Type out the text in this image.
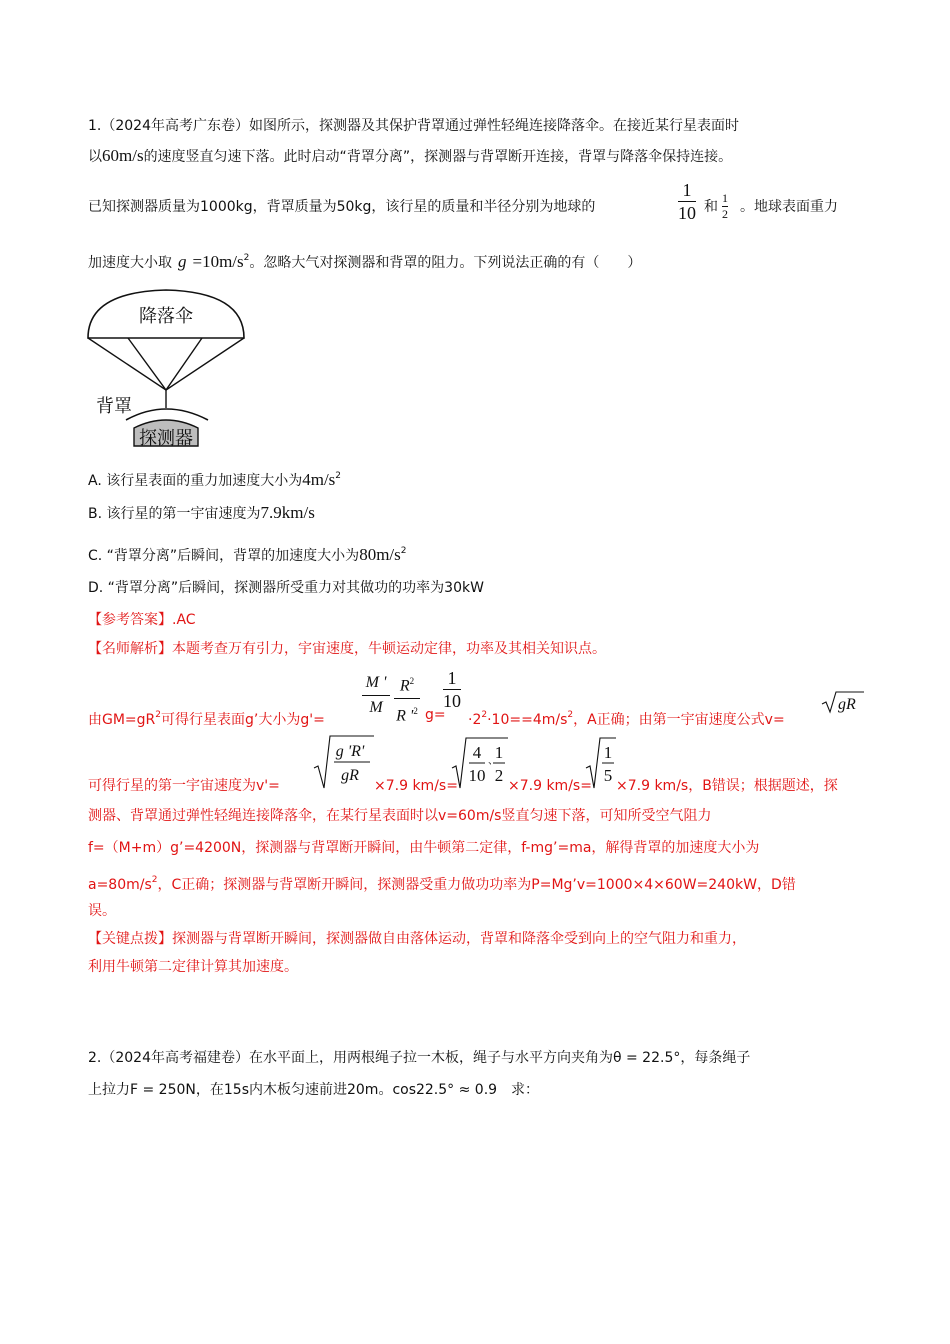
1.（2024年高考广东卷）如图所示，探测器及其保护背罩通过弹性轻绳连接降落伞。在接近某行星表面时
以60m/s的速度竖直匀速下落。此时启动“背罩分离”，探测器与背罩断开连接，背罩与降落伞保持连接。
已知探测器质量为1000kg，背罩质量为50kg，该行星的质量和半径分别为地球的	$\frac{1}{10}$ 和 $\frac{1}{2}$ 。地球表面重力
加速度大小取 $g =10m/s^2$。忽略大气对探测器和背罩的阻力。下列说法正确的有（　　）
降落伞
背罩
探测器
A. 该行星表面的重力加速度大小为$4m/s^2$
B. 该行星的第一宇宙速度为7.9km/s
C. “背罩分离”后瞬间，背罩的加速度大小为$80m/s^2$
D. “背罩分离”后瞬间，探测器所受重力对其做功的功率为30kW
【参考答案】.AC
【名师解析】本题考查万有引力，宇宙速度，牛顿运动定律，功率及其相关知识点。
由$GM=gR^2$可得行星表面g’大小为g'=
M '
M
$R^2$
R '$^2$ g=
$\frac{1}{10}$
$\cdot 2^2\cdot 10==4m/s^2$，A正确；由第一宇宙速度公式v=
gR
可得行星的第一宇宙速度为v'=
g 'R'
gR
×7.9 km/s=
4
10
、
1
2
×7.9 km/s=
1
5
×7.9 km/s，B错误；根据题述，探
测器、背罩通过弹性轻绳连接降落伞，在某行星表面时以v=60m/s竖直匀速下落，可知所受空气阻力
f=（M+m）g’=4200N，探测器与背罩断开瞬间，由牛顿第二定律，f-mg’=ma，解得背罩的加速度大小为
$a=80m/s^2$，C正确；探测器与背罩断开瞬间，探测器受重力做功功率为P=Mg’v=1000×4×60W=240kW，D错
误。
【关键点拨】探测器与背罩断开瞬间，探测器做自由落体运动，背罩和降落伞受到向上的空气阻力和重力，
利用牛顿第二定律计算其加速度。
2.（2024年高考福建卷）在水平面上，用两根绳子拉一木板，绳子与水平方向夹角为θ = 22.5°，每条绳子
上拉力F = 250N，在15s内木板匀速前进20m。cos22.5° ≈ 0.9　求：
